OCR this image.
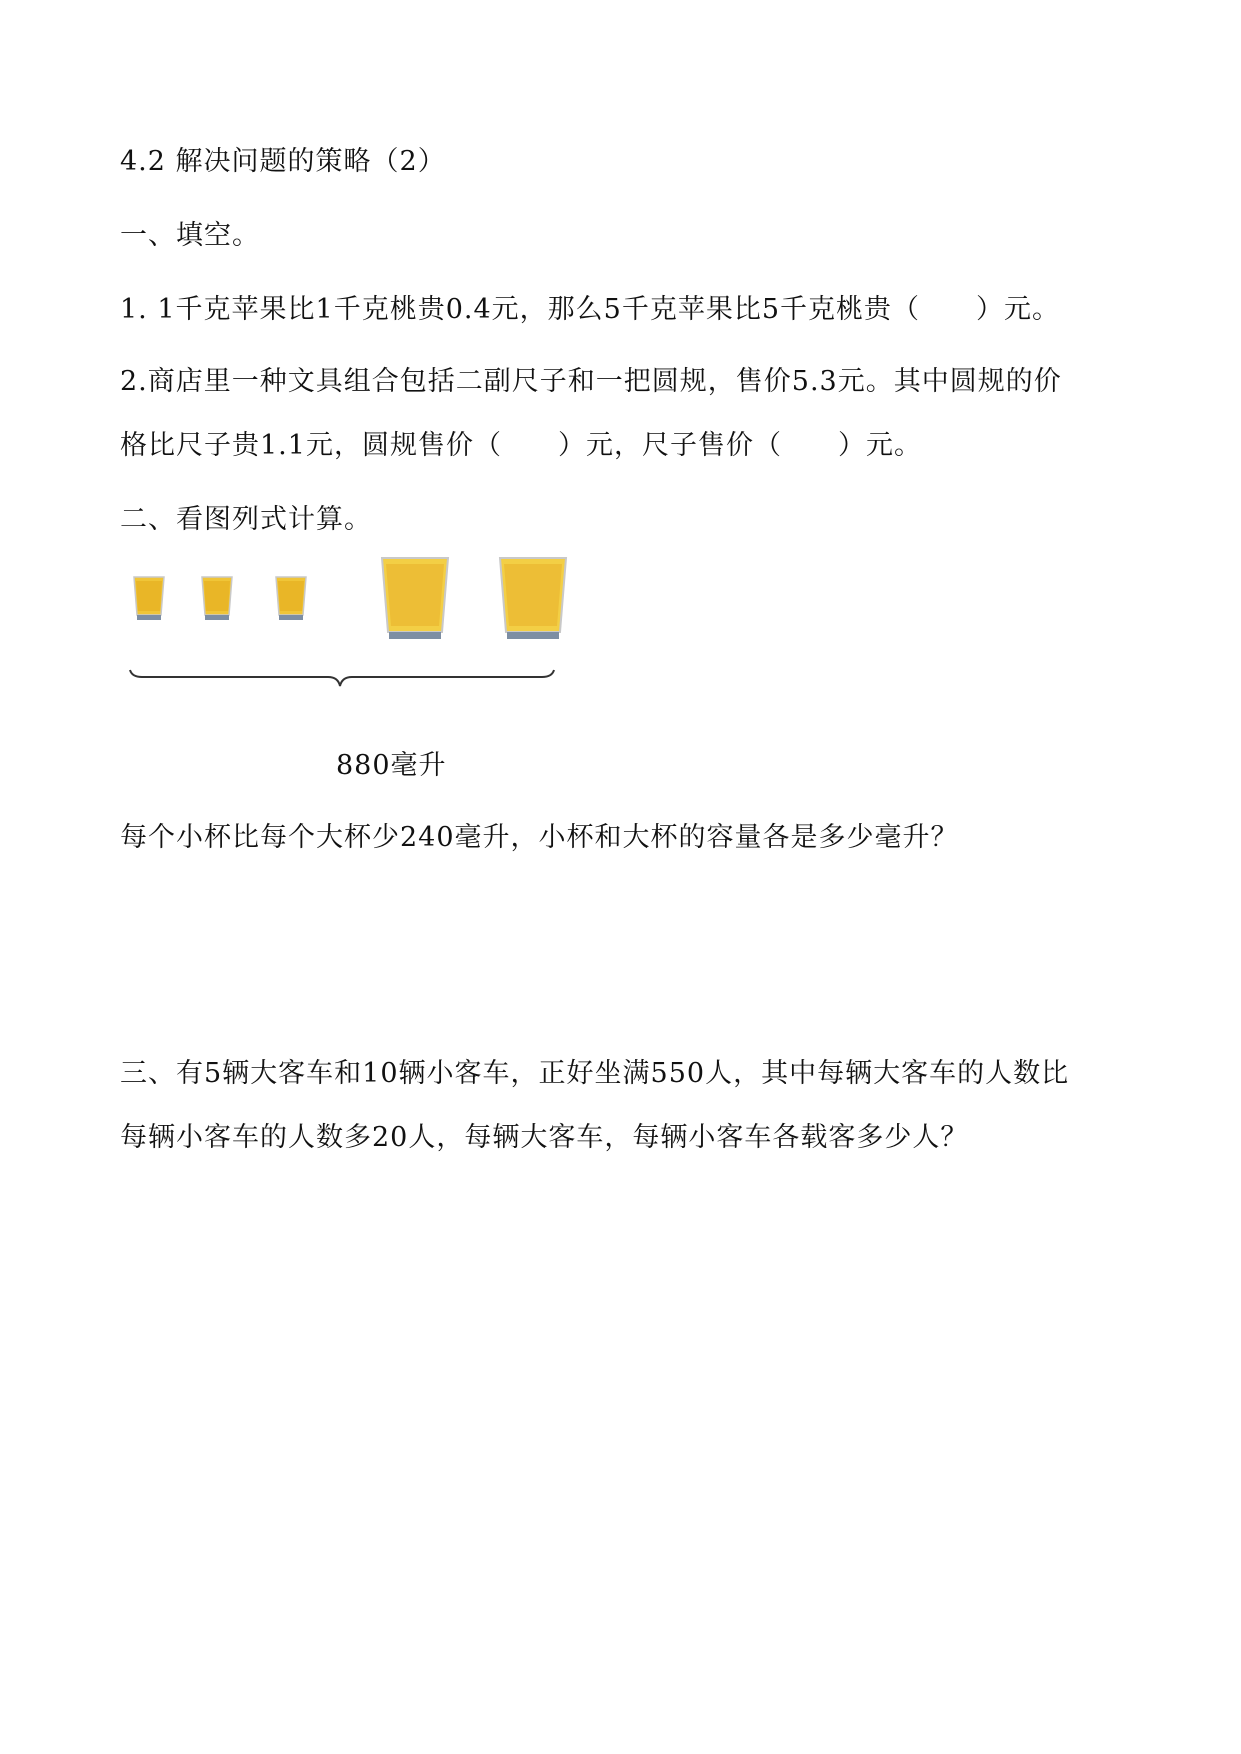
4.2 解决问题的策略（2）
一、填空。
1. 1千克苹果比1千克桃贵0.4元，那么5千克苹果比5千克桃贵（　　）元。
2.商店里一种文具组合包括二副尺子和一把圆规，售价5.3元。其中圆规的价
格比尺子贵1.1元，圆规售价（　　）元，尺子售价（　　）元。
二、看图列式计算。
880毫升
每个小杯比每个大杯少240毫升，小杯和大杯的容量各是多少毫升？
三、有5辆大客车和10辆小客车，正好坐满550人，其中每辆大客车的人数比
每辆小客车的人数多20人，每辆大客车，每辆小客车各载客多少人？
